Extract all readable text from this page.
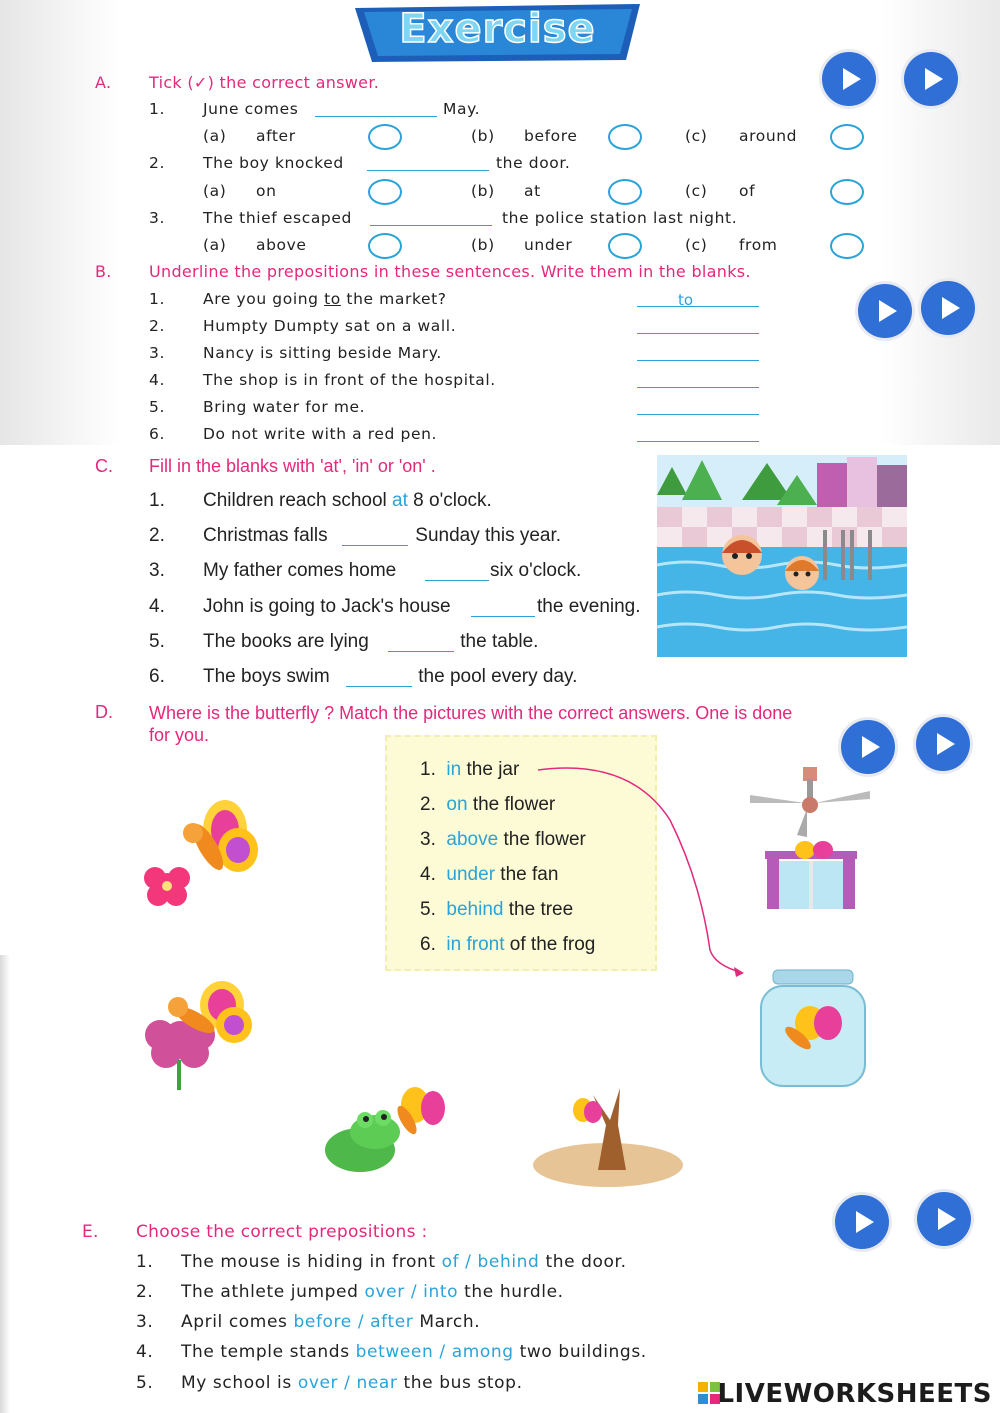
Exercise
A. Tick (✓) the correct answer.
1. June comes	May.
(a) after	(b) before	(c) around
2. The boy knocked	the door.
(a) on	(b) at	(c) of
3. The thief escaped	the police station last night.
(a) above	(b) under	(c) from
B. Underline the prepositions in these sentences. Write them in the blanks.
1. Are you going to the market?	to
2. Humpty Dumpty sat on a wall.
3. Nancy is sitting beside Mary.
4. The shop is in front of the hospital.
5. Bring water for me.
6. Do not write with a red pen.
C. Fill in the blanks with 'at', 'in' or 'on' .
1. Children reach school at 8 o'clock.
2. Christmas falls	Sunday this year.
3. My father comes home	six o'clock.
4. John is going to Jack's house	the evening.
5. The books are lying	the table.
6. The boys swim	the pool every day.
D. Where is the butterfly ? Match the pictures with the correct answers. One is done
for you.
1. in the jar
2. on the flower
3. above the flower
4. under the fan
5. behind the tree
6. in front of the frog
E. Choose the correct prepositions :
1. The mouse is hiding in front of / behind the door.
2. The athlete jumped over / into the hurdle.
3. April comes before / after March.
4. The temple stands between / among two buildings.
5. My school is over / near the bus stop.	LIVEWORKSHEETS
